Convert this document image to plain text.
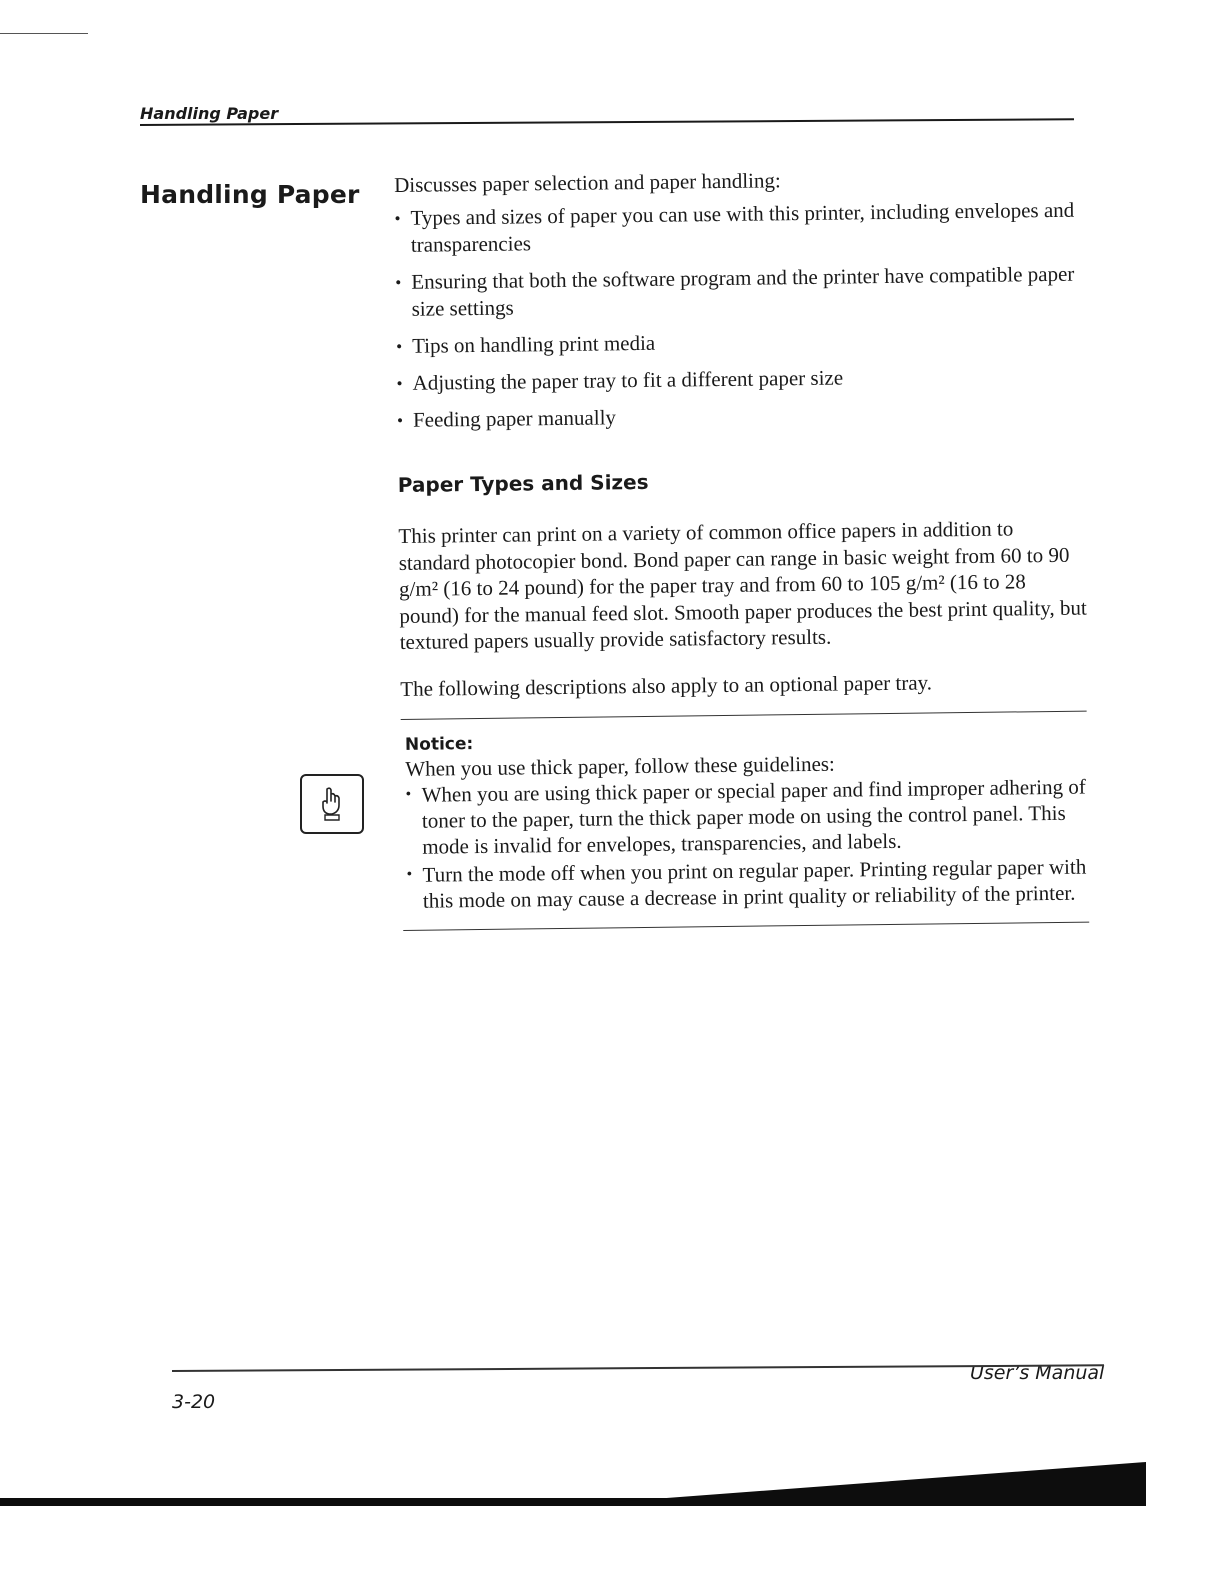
Handling Paper
Handling Paper Discusses paper selection and paper handling:

• Types and sizes of paper you can use with this printer, including envelopes and transparencies
• Ensuring that both the software program and the printer have compatible paper size settings
• Tips on handling print media
• Adjusting the paper tray to fit a different paper size
• Feeding paper manually

Paper Types and Sizes

This printer can print on a variety of common office papers in addition to standard photocopier bond. Bond paper can range in basic weight from 60 to 90 g/m² (16 to 24 pound) for the paper tray and from 60 to 105 g/m² (16 to 28 pound) for the manual feed slot. Smooth paper produces the best print quality, but textured papers usually provide satisfactory results.

The following descriptions also apply to an optional paper tray.

Notice:
When you use thick paper, follow these guidelines:
• When you are using thick paper or special paper and find improper adhering of toner to the paper, turn the thick paper mode on using the control panel. This mode is invalid for envelopes, transparencies, and labels.
• Turn the mode off when you print on regular paper. Printing regular paper with this mode on may cause a decrease in print quality or reliability of the printer.
User’s Manual
3-20
